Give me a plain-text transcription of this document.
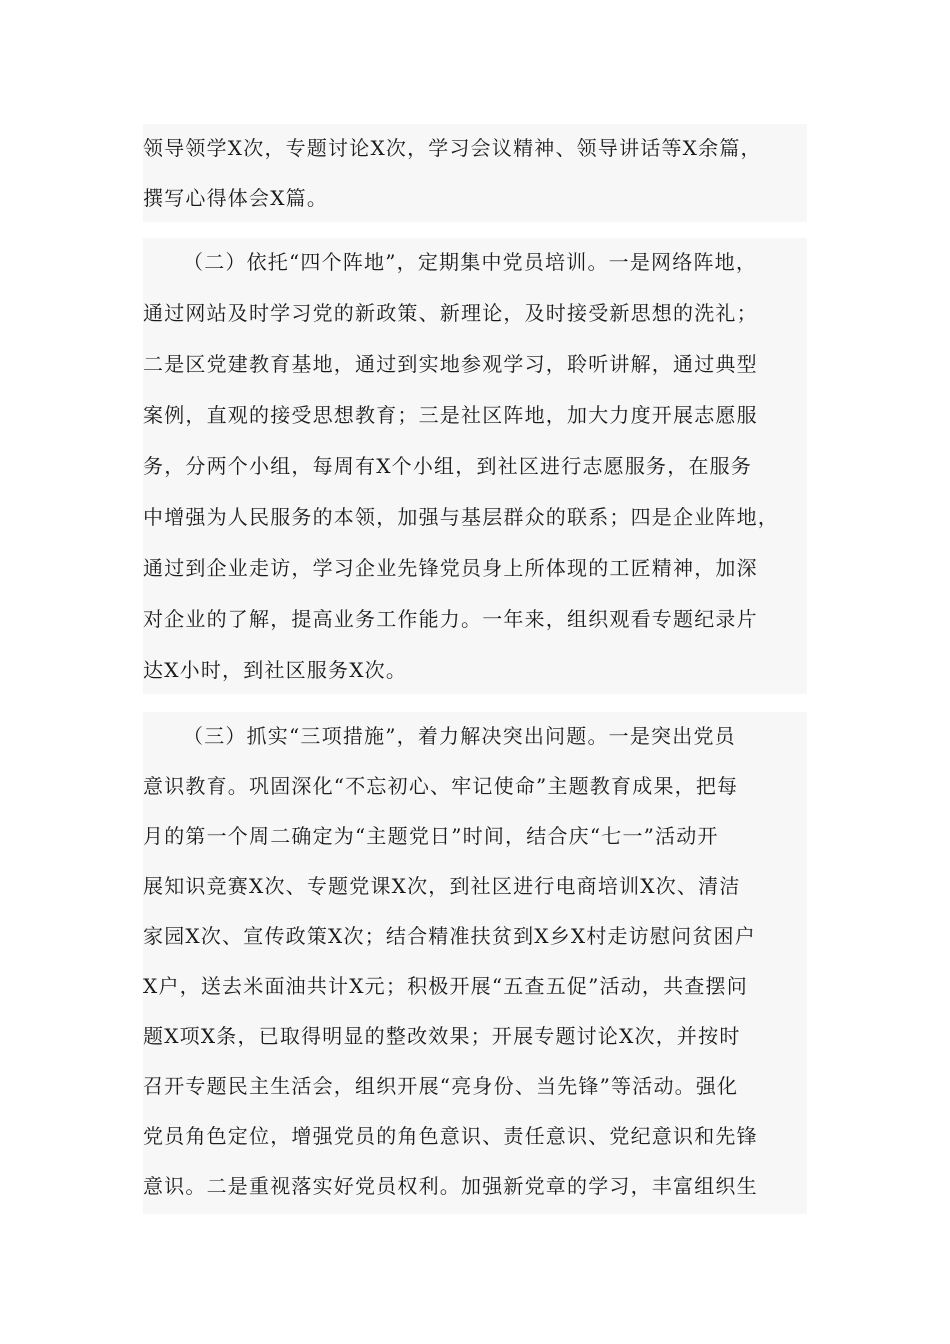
领导领学X次，专题讨论X次，学习会议精神、领导讲话等X余篇，
撰写心得体会X篇。
（二）依托“四个阵地”，定期集中党员培训。一是网络阵地，
通过网站及时学习党的新政策、新理论，及时接受新思想的洗礼；
二是区党建教育基地，通过到实地参观学习，聆听讲解，通过典型
案例，直观的接受思想教育；三是社区阵地，加大力度开展志愿服
务，分两个小组，每周有X个小组，到社区进行志愿服务，在服务
中增强为人民服务的本领，加强与基层群众的联系；四是企业阵地，
通过到企业走访，学习企业先锋党员身上所体现的工匠精神，加深
对企业的了解，提高业务工作能力。一年来，组织观看专题纪录片
达X小时，到社区服务X次。
（三）抓实“三项措施”，着力解决突出问题。一是突出党员
意识教育。巩固深化“不忘初心、牢记使命”主题教育成果，把每
月的第一个周二确定为“主题党日”时间，结合庆“七一”活动开
展知识竞赛X次、专题党课X次，到社区进行电商培训X次、清洁
家园X次、宣传政策X次；结合精准扶贫到X乡X村走访慰问贫困户
X户，送去米面油共计X元；积极开展“五查五促”活动，共查摆问
题X项X条，已取得明显的整改效果；开展专题讨论X次，并按时
召开专题民主生活会，组织开展“亮身份、当先锋”等活动。强化
党员角色定位，增强党员的角色意识、责任意识、党纪意识和先锋
意识。二是重视落实好党员权利。加强新党章的学习，丰富组织生
